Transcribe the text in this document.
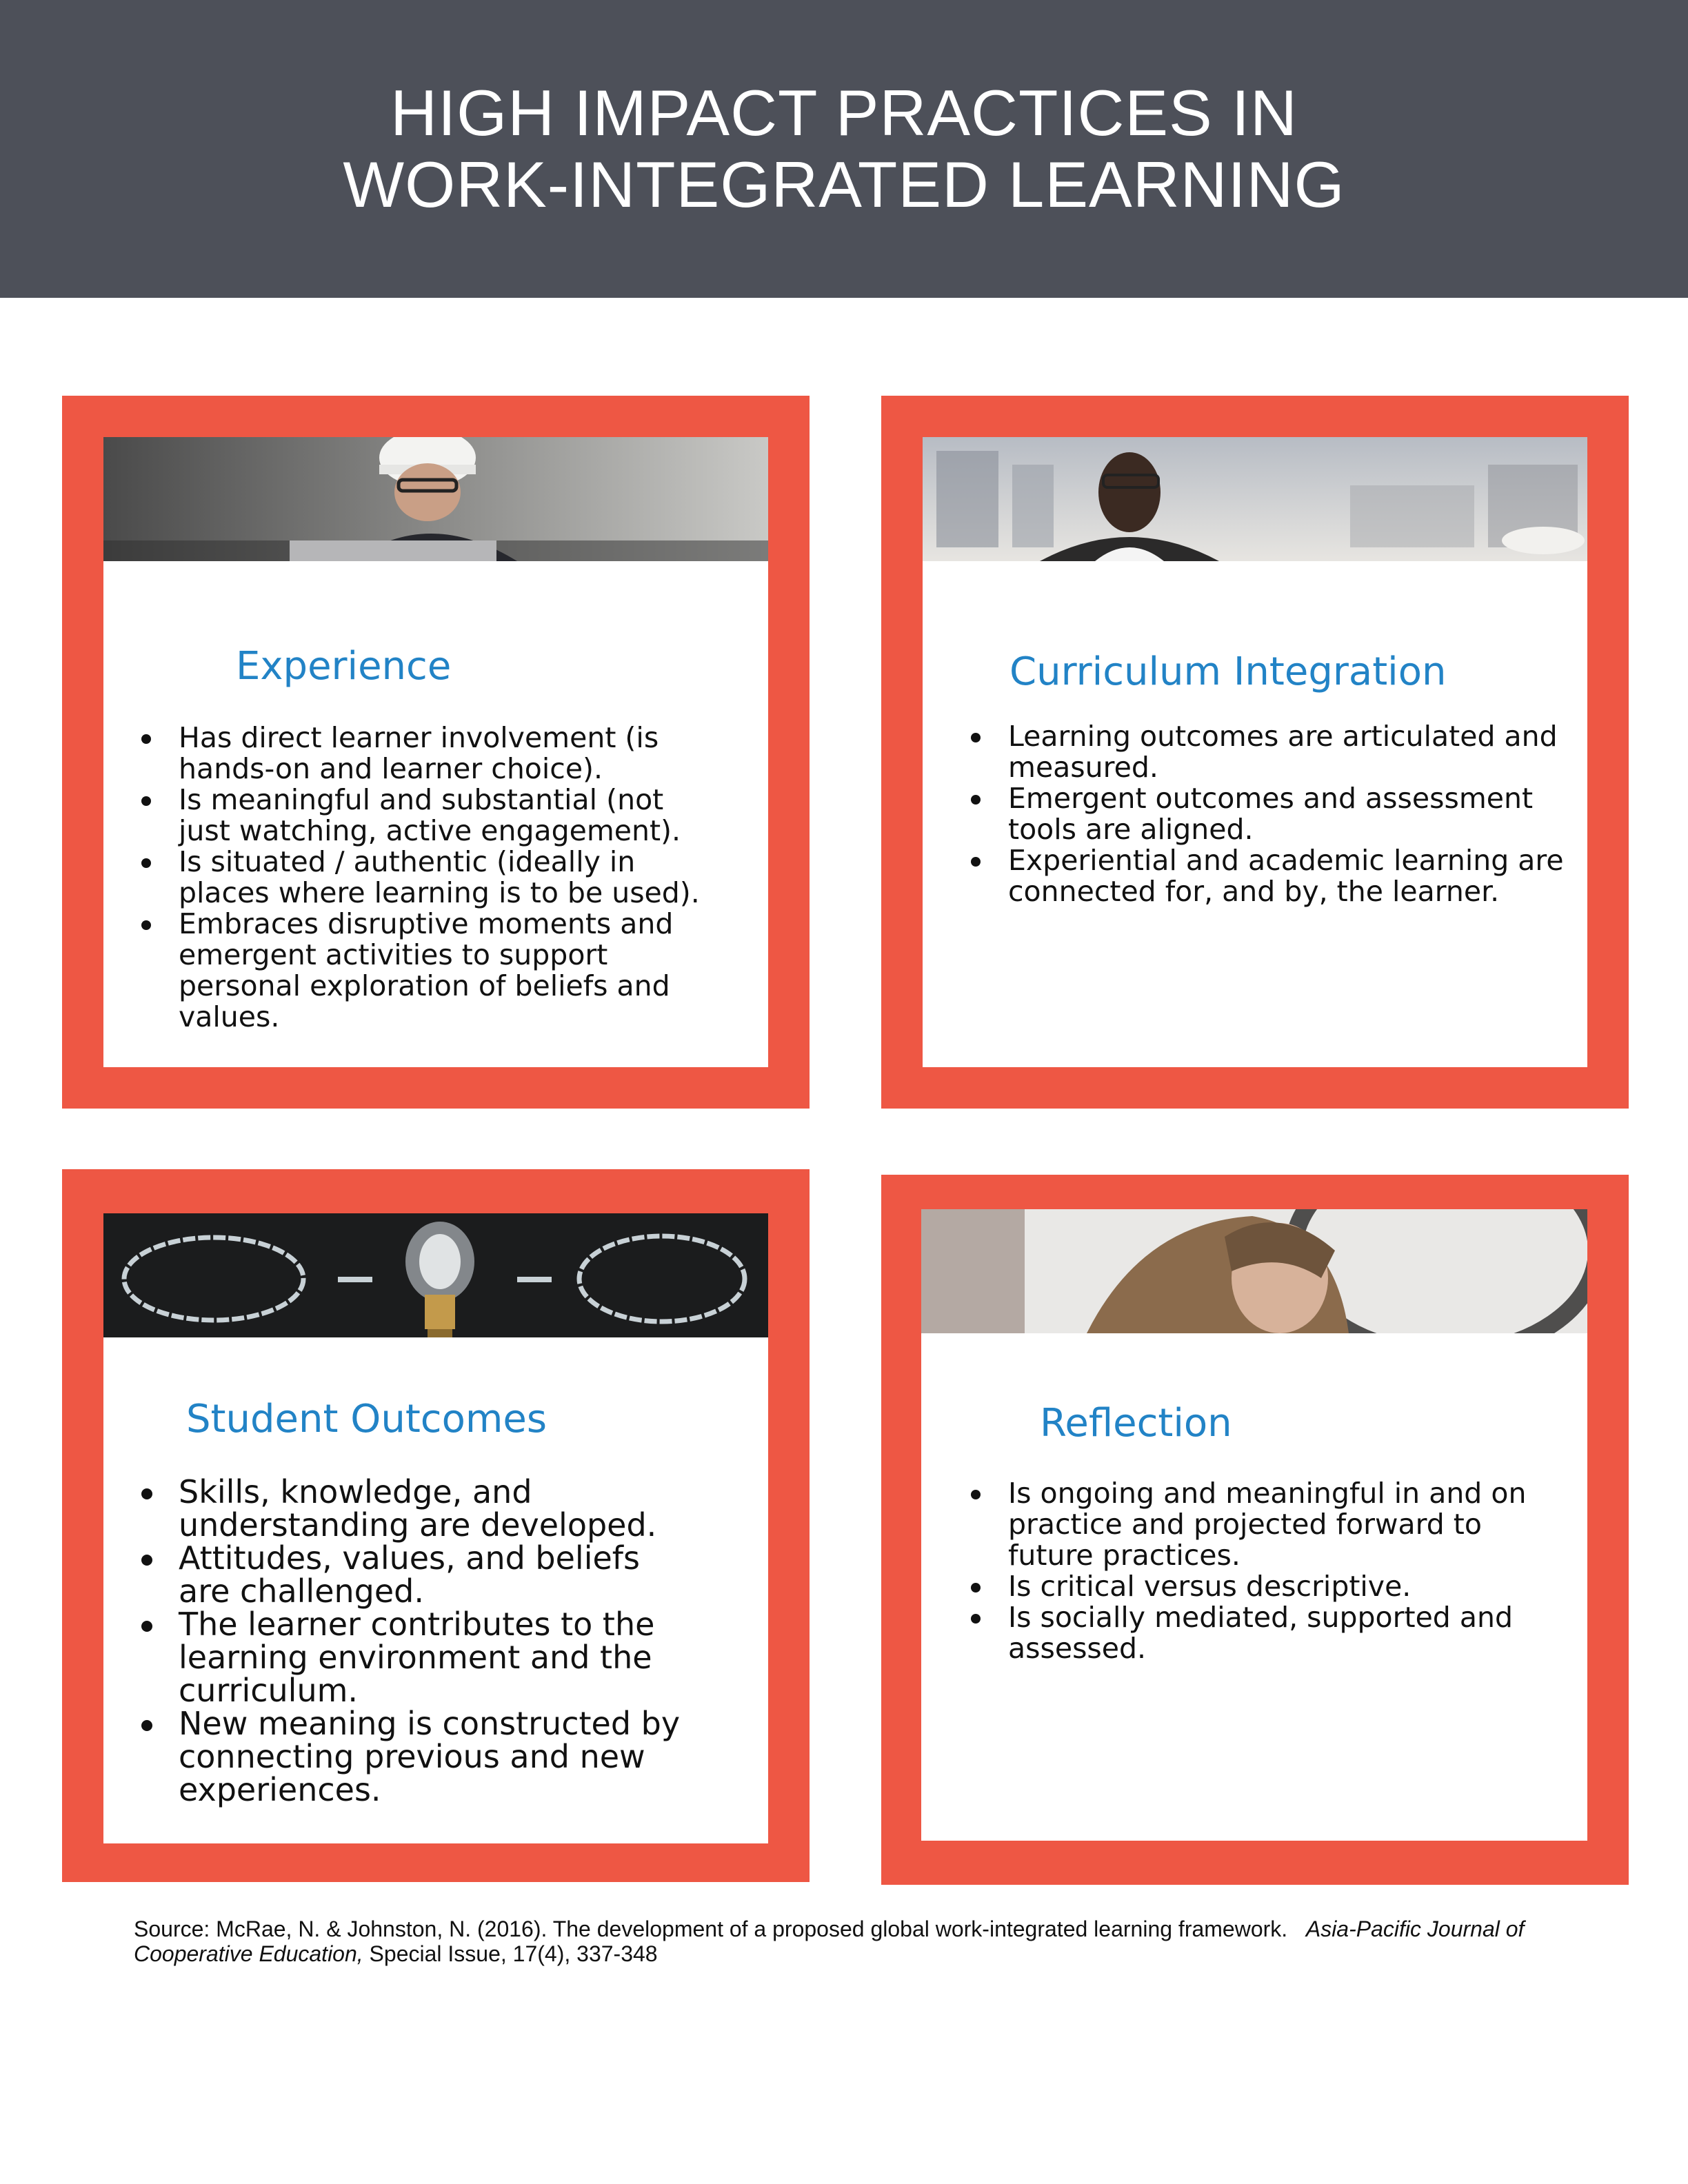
HIGH IMPACT PRACTICES IN
WORK-INTEGRATED LEARNING
Experience
Has direct learner involvement (is hands-on and learner choice).
Is meaningful and substantial (not just watching, active engagement).
Is situated / authentic (ideally in places where learning is to be used).
Embraces disruptive moments and emergent activities to support personal exploration of beliefs and values.
Curriculum Integration
Learning outcomes are articulated and measured.
Emergent outcomes and assessment tools are aligned.
Experiential and academic learning are connected for, and by, the learner.
Student Outcomes
Skills, knowledge, and understanding are developed.
Attitudes, values, and beliefs are challenged.
The learner contributes to the learning environment and the curriculum.
New meaning is constructed by connecting previous and new experiences.
Reflection
Is ongoing and meaningful in and on practice and projected forward to future practices.
Is critical versus descriptive.
Is socially mediated, supported and assessed.
Source: McRae, N. & Johnston, N. (2016). The development of a proposed global work-integrated learning framework. Asia-Pacific Journal of Cooperative Education, Special Issue, 17(4), 337-348
